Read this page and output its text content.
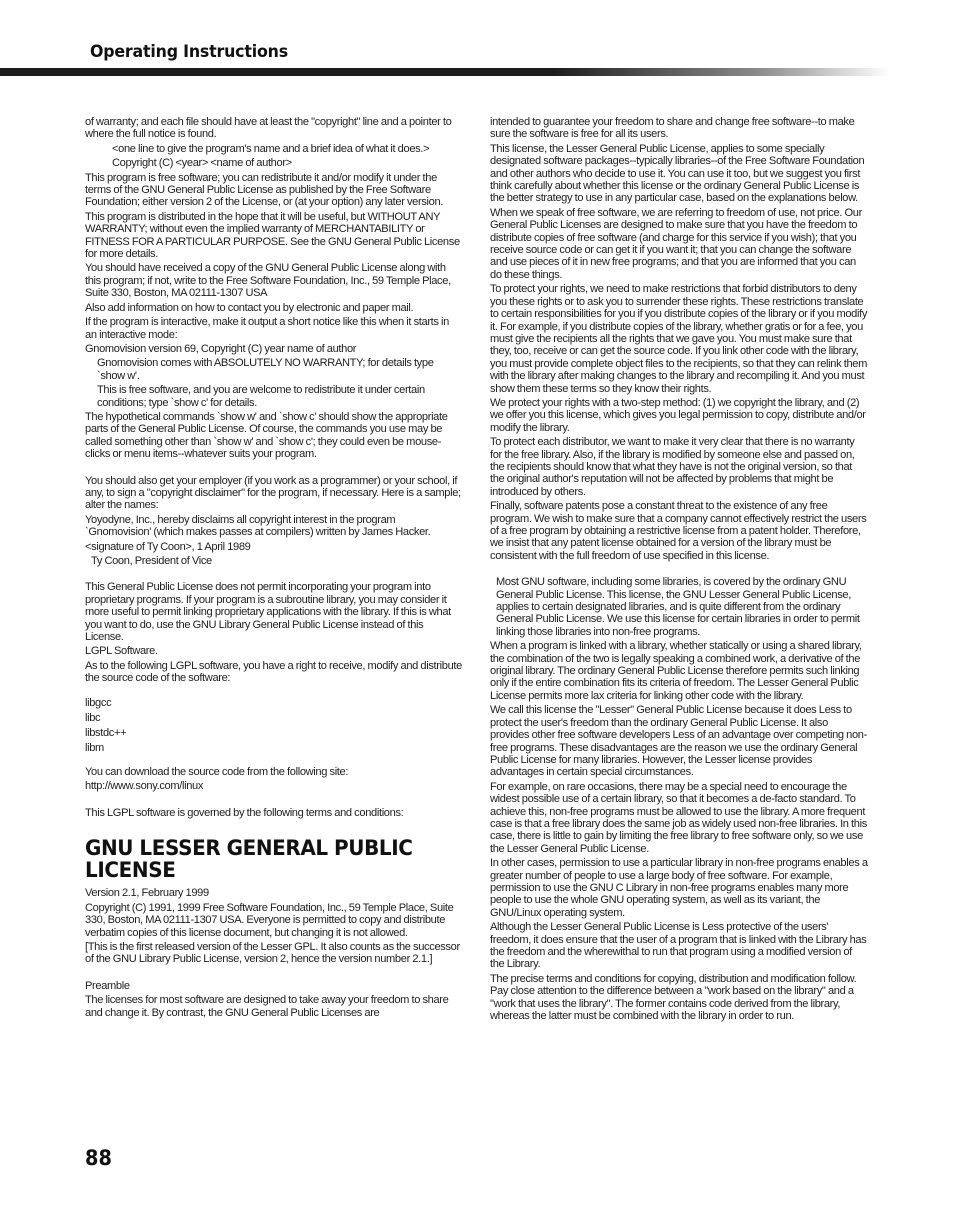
Operating Instructions

of warranty; and each file should have at least the "copyright" line and a pointer to where the full notice is found.

<one line to give the program's name and a brief idea of what it does.>

Copyright (C) <year> <name of author>

This program is free software; you can redistribute it and/or modify it under the terms of the GNU General Public License as published by the Free Software Foundation; either version 2 of the License, or (at your option) any later version.

This program is distributed in the hope that it will be useful, but WITHOUT ANY WARRANTY; without even the implied warranty of MERCHANTABILITY or FITNESS FOR A PARTICULAR PURPOSE. See the GNU General Public License for more details.

You should have received a copy of the GNU General Public License along with this program; if not, write to the Free Software Foundation, Inc., 59 Temple Place, Suite 330, Boston, MA 02111-1307 USA

Also add information on how to contact you by electronic and paper mail.

If the program is interactive, make it output a short notice like this when it starts in an interactive mode:

Gnomovision version 69, Copyright (C) year name of author

Gnomovision comes with ABSOLUTELY NO WARRANTY; for details type `show w'.

This is free software, and you are welcome to redistribute it under certain conditions; type `show c' for details.

The hypothetical commands `show w' and `show c' should show the appropriate parts of the General Public License. Of course, the commands you use may be called something other than `show w' and `show c'; they could even be mouse-clicks or menu items--whatever suits your program.

You should also get your employer (if you work as a programmer) or your school, if any, to sign a "copyright disclaimer" for the program, if necessary. Here is a sample; alter the names:

Yoyodyne, Inc., hereby disclaims all copyright interest in the program `Gnomovision' (which makes passes at compilers) written by James Hacker.

<signature of Ty Coon>, 1 April 1989

Ty Coon, President of Vice

This General Public License does not permit incorporating your program into proprietary programs. If your program is a subroutine library, you may consider it more useful to permit linking proprietary applications with the library. If this is what you want to do, use the GNU Library General Public License instead of this License.

LGPL Software.

As to the following LGPL software, you have a right to receive, modify and distribute the source code of the software:

libgcc
libc
libstdc++
libm

You can download the source code from the following site:

http://www.sony.com/linux

This LGPL software is governed by the following terms and conditions:

GNU LESSER GENERAL PUBLIC LICENSE

Version 2.1, February 1999

Copyright (C) 1991, 1999 Free Software Foundation, Inc., 59 Temple Place, Suite 330, Boston, MA 02111-1307 USA. Everyone is permitted to copy and distribute verbatim copies of this license document, but changing it is not allowed.

[This is the first released version of the Lesser GPL. It also counts as the successor of the GNU Library Public License, version 2, hence the version number 2.1.]

Preamble

The licenses for most software are designed to take away your freedom to share and change it. By contrast, the GNU General Public Licenses are

intended to guarantee your freedom to share and change free software--to make sure the software is free for all its users.

This license, the Lesser General Public License, applies to some specially designated software packages--typically libraries--of the Free Software Foundation and other authors who decide to use it. You can use it too, but we suggest you first think carefully about whether this license or the ordinary General Public License is the better strategy to use in any particular case, based on the explanations below.

When we speak of free software, we are referring to freedom of use, not price. Our General Public Licenses are designed to make sure that you have the freedom to distribute copies of free software (and charge for this service if you wish); that you receive source code or can get it if you want it; that you can change the software and use pieces of it in new free programs; and that you are informed that you can do these things.

To protect your rights, we need to make restrictions that forbid distributors to deny you these rights or to ask you to surrender these rights. These restrictions translate to certain responsibilities for you if you distribute copies of the library or if you modify it. For example, if you distribute copies of the library, whether gratis or for a fee, you must give the recipients all the rights that we gave you. You must make sure that they, too, receive or can get the source code. If you link other code with the library, you must provide complete object files to the recipients, so that they can relink them with the library after making changes to the library and recompiling it. And you must show them these terms so they know their rights.

We protect your rights with a two-step method: (1) we copyright the library, and (2) we offer you this license, which gives you legal permission to copy, distribute and/or modify the library.

To protect each distributor, we want to make it very clear that there is no warranty for the free library. Also, if the library is modified by someone else and passed on, the recipients should know that what they have is not the original version, so that the original author's reputation will not be affected by problems that might be introduced by others.

Finally, software patents pose a constant threat to the existence of any free program. We wish to make sure that a company cannot effectively restrict the users of a free program by obtaining a restrictive license from a patent holder. Therefore, we insist that any patent license obtained for a version of the library must be consistent with the full freedom of use specified in this license.

Most GNU software, including some libraries, is covered by the ordinary GNU General Public License. This license, the GNU Lesser General Public License, applies to certain designated libraries, and is quite different from the ordinary General Public License. We use this license for certain libraries in order to permit linking those libraries into non-free programs.

When a program is linked with a library, whether statically or using a shared library, the combination of the two is legally speaking a combined work, a derivative of the original library. The ordinary General Public License therefore permits such linking only if the entire combination fits its criteria of freedom. The Lesser General Public License permits more lax criteria for linking other code with the library.

We call this license the "Lesser" General Public License because it does Less to protect the user's freedom than the ordinary General Public License. It also provides other free software developers Less of an advantage over competing non-free programs. These disadvantages are the reason we use the ordinary General Public License for many libraries. However, the Lesser license provides advantages in certain special circumstances.

For example, on rare occasions, there may be a special need to encourage the widest possible use of a certain library, so that it becomes a de-facto standard. To achieve this, non-free programs must be allowed to use the library. A more frequent case is that a free library does the same job as widely used non-free libraries. In this case, there is little to gain by limiting the free library to free software only, so we use the Lesser General Public License.

In other cases, permission to use a particular library in non-free programs enables a greater number of people to use a large body of free software. For example, permission to use the GNU C Library in non-free programs enables many more people to use the whole GNU operating system, as well as its variant, the GNU/Linux operating system.

Although the Lesser General Public License is Less protective of the users' freedom, it does ensure that the user of a program that is linked with the Library has the freedom and the wherewithal to run that program using a modified version of the Library.

The precise terms and conditions for copying, distribution and modification follow. Pay close attention to the difference between a "work based on the library" and a "work that uses the library". The former contains code derived from the library, whereas the latter must be combined with the library in order to run.

88
